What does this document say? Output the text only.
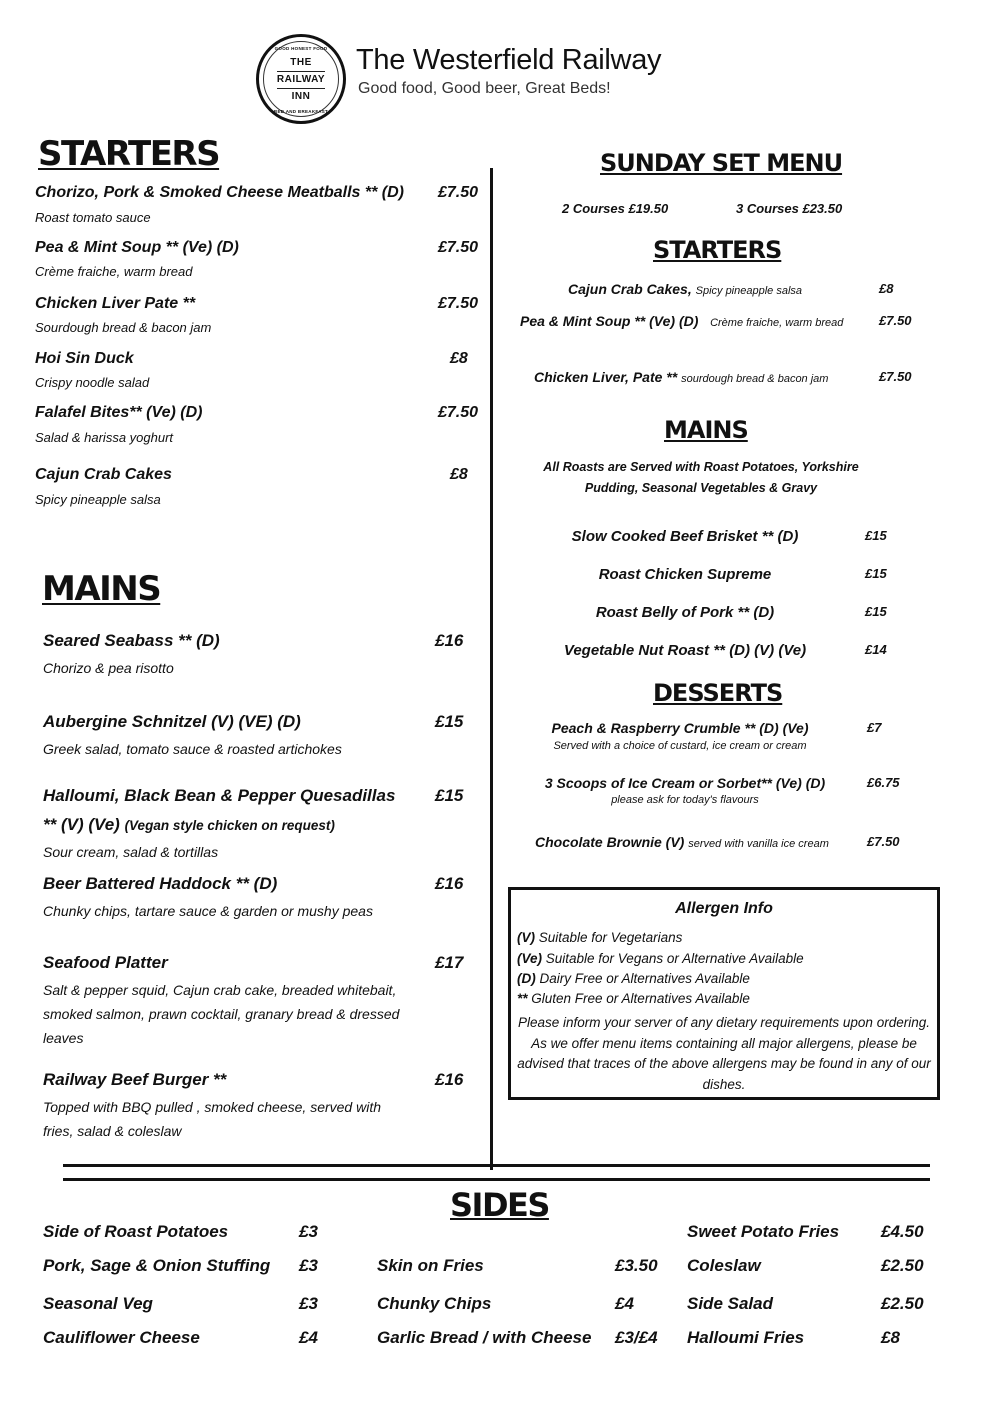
GOOD HONEST FOOD
THE
RAILWAY
INN
BED AND BREAKFAST
The Westerfield Railway
Good food, Good beer, Great Beds!
STARTERS
Chorizo, Pork & Smoked Cheese Meatballs ** (D) £7.50
Roast tomato sauce
Pea & Mint Soup ** (Ve) (D)	£7.50
Crème fraiche, warm bread
Chicken Liver Pate **	£7.50
Sourdough bread & bacon jam
Hoi Sin Duck	£8
Crispy noodle salad
Falafel Bites** (Ve) (D)	£7.50
Salad & harissa yoghurt
Cajun Crab Cakes	£8
Spicy pineapple salsa
MAINS
Seared Seabass ** (D)	£16
Chorizo & pea risotto
Aubergine Schnitzel (V) (VE) (D)	£15
Greek salad, tomato sauce & roasted artichokes
Halloumi, Black Bean & Pepper Quesadillas £15
** (V) (Ve) (Vegan style chicken on request)
Sour cream, salad & tortillas
Beer Battered Haddock ** (D)	£16
Chunky chips, tartare sauce & garden or mushy peas
Seafood Platter	£17
Salt & pepper squid, Cajun crab cake, breaded whitebait,
smoked salmon, prawn cocktail, granary bread & dressed
leaves
Railway Beef Burger **	£16
Topped with BBQ pulled , smoked cheese, served with
fries, salad & coleslaw
SUNDAY SET MENU
2 Courses £19.50	3 Courses £23.50
STARTERS
Cajun Crab Cakes, Spicy pineapple salsa	£8
Pea & Mint Soup ** (Ve) (D) Crème fraiche, warm bread	£7.50
Chicken Liver, Pate ** sourdough bread & bacon jam	£7.50
MAINS
All Roasts are Served with Roast Potatoes, Yorkshire
Pudding, Seasonal Vegetables & Gravy
Slow Cooked Beef Brisket ** (D)	£15
Roast Chicken Supreme	£15
Roast Belly of Pork ** (D)	£15
Vegetable Nut Roast ** (D) (V) (Ve)	£14
DESSERTS
Peach & Raspberry Crumble ** (D) (Ve)	£7
Served with a choice of custard, ice cream or cream
3 Scoops of Ice Cream or Sorbet** (Ve) (D)	£6.75
please ask for today's flavours
Chocolate Brownie (V) served with vanilla ice cream	£7.50
Allergen Info
(V) Suitable for Vegetarians
(Ve) Suitable for Vegans or Alternative Available
(D) Dairy Free or Alternatives Available
** Gluten Free or Alternatives Available
Please inform your server of any dietary requirements upon ordering. As we offer menu items containing all major allergens, please be advised that traces of the above allergens may be found in any of our dishes.
SIDES
Side of Roast Potatoes	£3
Pork, Sage & Onion Stuffing £3
Seasonal Veg	£3
Cauliflower Cheese	£4
Skin on Fries	£3.50
Chunky Chips	£4
Garlic Bread / with Cheese £3/£4
Sweet Potato Fries £4.50
Coleslaw	£2.50
Side Salad	£2.50
Halloumi Fries	£8
